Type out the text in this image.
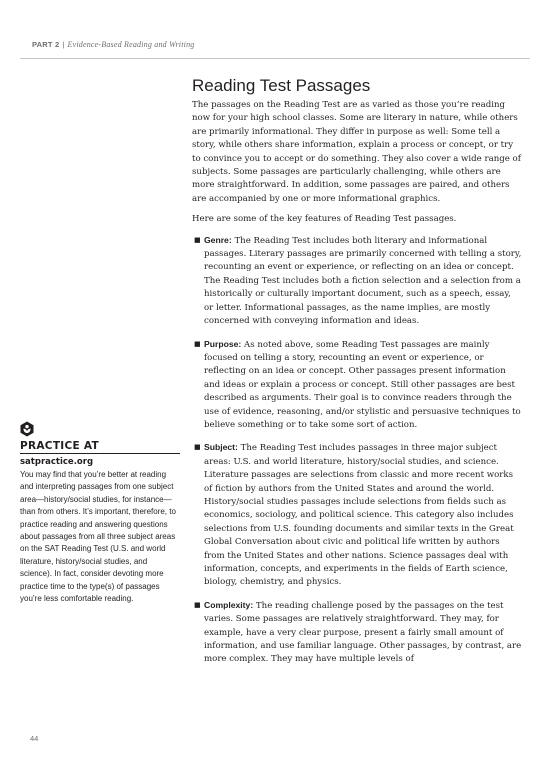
PART 2 | Evidence-Based Reading and Writing
Reading Test Passages

The passages on the Reading Test are as varied as those you’re reading now for your high school classes. Some are literary in nature, while others are primarily informational. They differ in purpose as well: Some tell a story, while others share information, explain a process or concept, or try to convince you to accept or do something. They also cover a wide range of subjects. Some passages are particularly challenging, while others are more straightforward. In addition, some passages are paired, and others are accompanied by one or more informational graphics.

Here are some of the key features of Reading Test passages.

■ Genre: The Reading Test includes both literary and informational passages. Literary passages are primarily concerned with telling a story, recounting an event or experience, or reflecting on an idea or concept. The Reading Test includes both a fiction selection and a selection from a historically or culturally important document, such as a speech, essay, or letter. Informational passages, as the name implies, are mostly concerned with conveying information and ideas.
■ Purpose: As noted above, some Reading Test passages are mainly focused on telling a story, recounting an event or experience, or reflecting on an idea or concept. Other passages present information and ideas or explain a process or concept. Still other passages are best described as arguments. Their goal is to convince readers through the use of evidence, reasoning, and/or stylistic and persuasive techniques to believe something or to take some sort of action.
■ Subject: The Reading Test includes passages in three major subject areas: U.S. and world literature, history/social studies, and science. Literature passages are selections from classic and more recent works of fiction by authors from the United States and around the world. History/social studies passages include selections from fields such as economics, sociology, and political science. This category also includes selections from U.S. founding documents and similar texts in the Great Global Conversation about civic and political life written by authors from the United States and other nations. Science passages deal with information, concepts, and experiments in the fields of Earth science, biology, chemistry, and physics.
■ Complexity: The reading challenge posed by the passages on the test varies. Some passages are relatively straightforward. They may, for example, have a very clear purpose, present a fairly small amount of information, and use familiar language. Other passages, by contrast, are more complex. They may have multiple levels of
PRACTICE AT
satpractice.org
You may find that you’re better at reading and interpreting passages from one subject area—history/social studies, for instance—than from others. It’s important, therefore, to practice reading and answering questions about passages from all three subject areas on the SAT Reading Test (U.S. and world literature, history/social studies, and science). In fact, consider devoting more practice time to the type(s) of passages you’re less comfortable reading.
44
